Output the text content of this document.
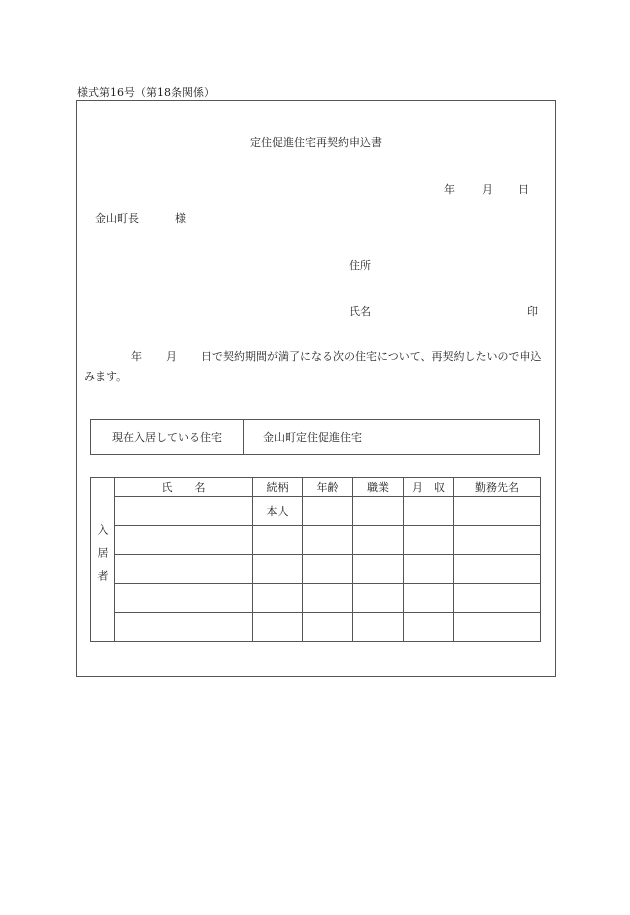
様式第16号（第18条関係）
定住促進住宅再契約申込書
年 月 日
金山町長	様
住所
氏名	印
年 月 日で契約期間が満了になる次の住宅について、再契約したいので申込みます。
現在入居している住宅	金山町定住促進住宅
入居者	氏　　名	続柄	年齢	職業	月　収	勤務先名
		本人				
